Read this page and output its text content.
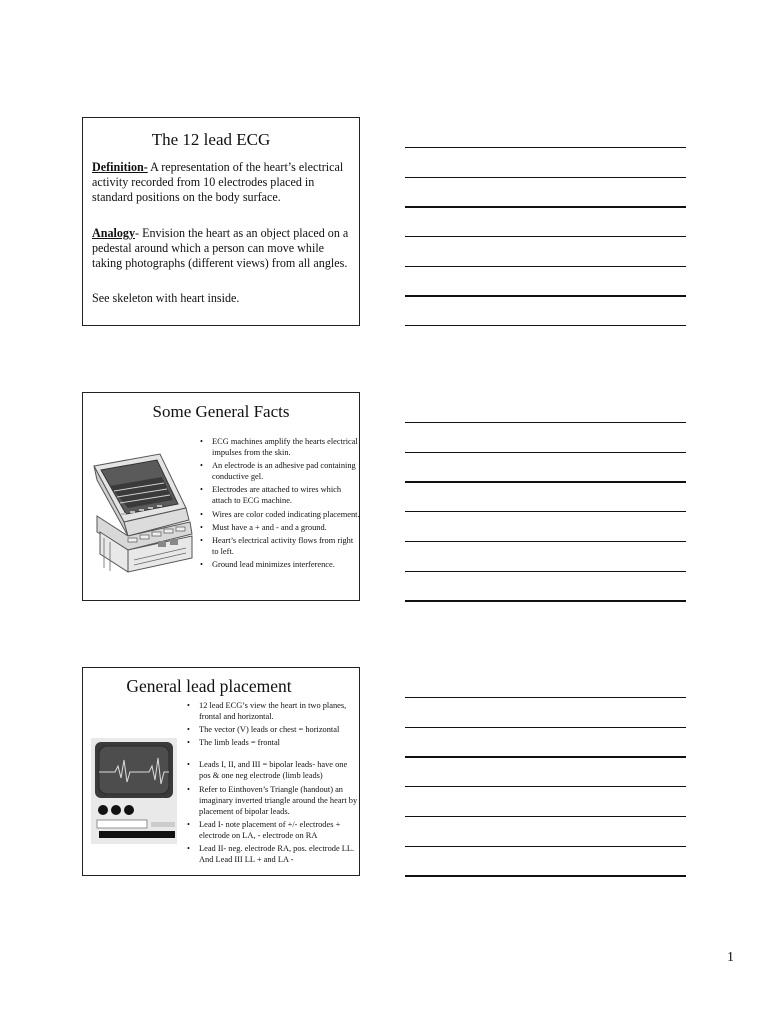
The 12 lead ECG
Definition- A representation of the heart’s electrical activity recorded from 10 electrodes placed in standard positions on the body surface.
Analogy- Envision the heart as an object placed on a pedestal around which a person can move while taking photographs (different views) from all angles.
See skeleton with heart inside.
Some General Facts
• ECG machines amplify the hearts electrical impulses from the skin.
• An electrode is an adhesive pad containing conductive gel.
• Electrodes are attached to wires which attach to ECG machine.
• Wires are color coded indicating placement.
• Must have a + and - and a ground.
• Heart’s electrical activity flows from right to left.
• Ground lead minimizes interference.
General lead placement
• 12 lead ECG’s view the heart in two planes, frontal and horizontal.
• The vector (V) leads or chest = horizontal
• The limb leads = frontal
• Leads I, II, and III = bipolar leads- have one pos & one neg electrode (limb leads)
• Refer to Einthoven’s Triangle (handout) an imaginary inverted triangle around the heart by placement of bipolar leads.
• Lead I- note placement of +/- electrodes + electrode on LA, - electrode on RA
• Lead II- neg. electrode RA, pos. electrode LL. And Lead III LL + and LA -
1
